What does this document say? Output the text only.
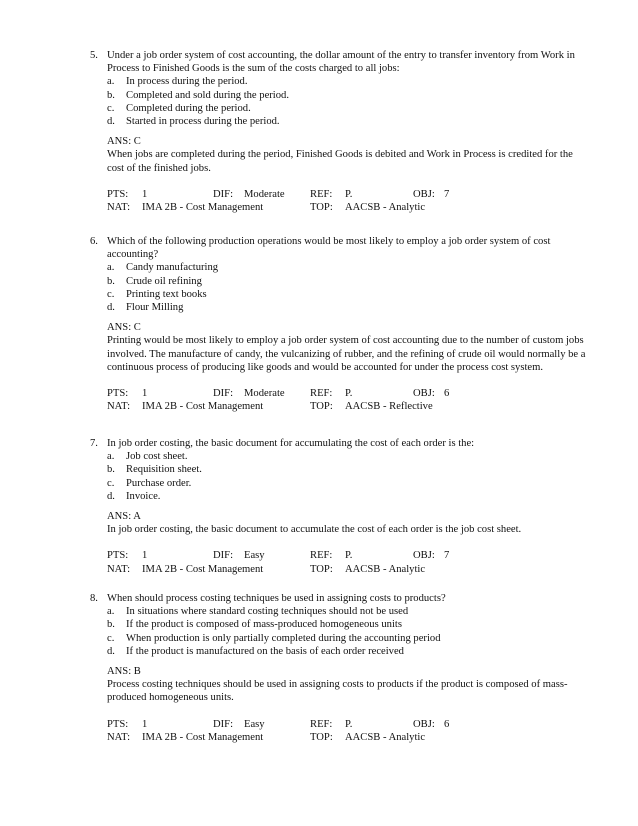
5. Under a job order system of cost accounting, the dollar amount of the entry to transfer inventory from Work in Process to Finished Goods is the sum of the costs charged to all jobs:
a.	In process during the period.
b.	Completed and sold during the period.
c.	Completed during the period.
d.	Started in process during the period.
ANS: C
When jobs are completed during the period, Finished Goods is debited and Work in Process is credited for the cost of the finished jobs.
PTS: 1	DIF: Moderate REF: P.	OBJ: 7
NAT: IMA 2B - Cost Management	TOP: AACSB - Analytic
6. Which of the following production operations would be most likely to employ a job order system of cost accounting?
a.	Candy manufacturing
b.	Crude oil refining
c.	Printing text books
d.	Flour Milling
ANS: C
Printing would be most likely to employ a job order system of cost accounting due to the number of custom jobs involved. The manufacture of candy, the vulcanizing of rubber, and the refining of crude oil would normally be a continuous process of producing like goods and would be accounted for under the process cost system.
PTS: 1	DIF: Moderate REF: P.	OBJ: 6
NAT: IMA 2B - Cost Management	TOP: AACSB - Reflective
7. In job order costing, the basic document for accumulating the cost of each order is the:
a.	Job cost sheet.
b.	Requisition sheet.
c.	Purchase order.
d.	Invoice.
ANS: A
In job order costing, the basic document to accumulate the cost of each order is the job cost sheet.
PTS: 1	DIF: Easy	REF: P.	OBJ: 7
NAT: IMA 2B - Cost Management	TOP: AACSB - Analytic
8. When should process costing techniques be used in assigning costs to products?
a.	In situations where standard costing techniques should not be used
b.	If the product is composed of mass-produced homogeneous units
c.	When production is only partially completed during the accounting period
d.	If the product is manufactured on the basis of each order received
ANS: B
Process costing techniques should be used in assigning costs to products if the product is composed of mass-produced homogeneous units.
PTS: 1	DIF: Easy	REF: P.	OBJ: 6
NAT: IMA 2B - Cost Management	TOP: AACSB - Analytic
